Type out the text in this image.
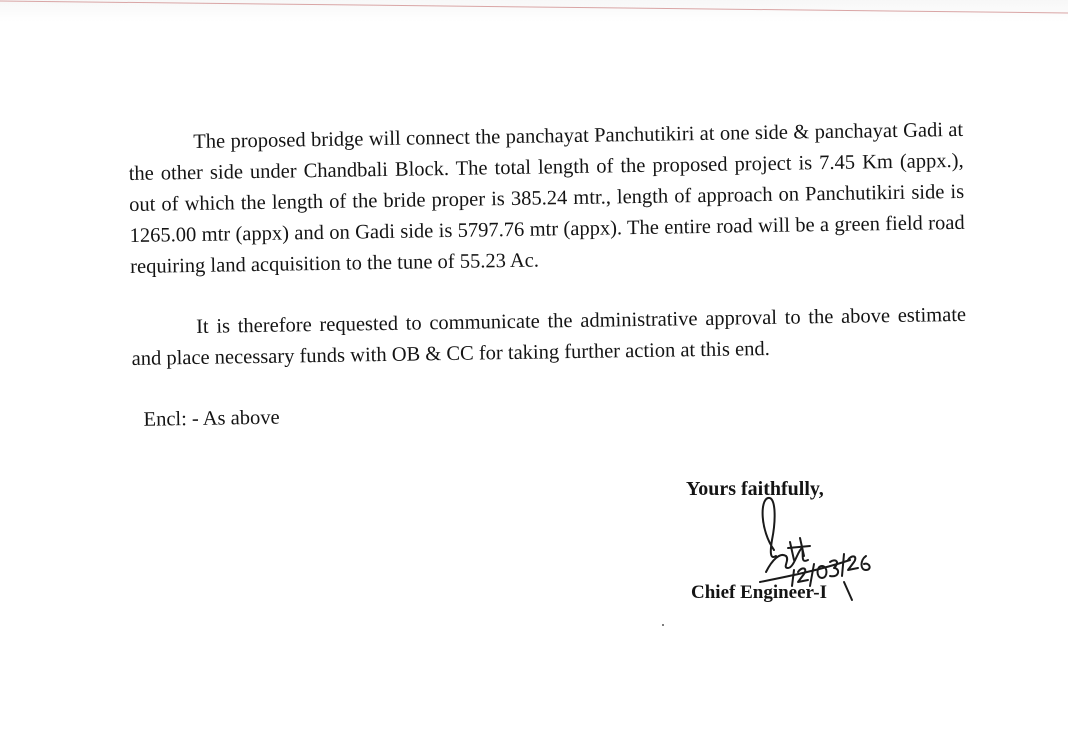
The proposed bridge will connect the panchayat Panchutikiri at one side & panchayat Gadi at the other side under Chandbali Block. The total length of the proposed project is 7.45 Km (appx.), out of which the length of the bride proper is 385.24 mtr., length of approach on Panchutikiri side is 1265.00 mtr (appx) and on Gadi side is 5797.76 mtr (appx). The entire road will be a green field road requiring land acquisition to the tune of 55.23 Ac.

It is therefore requested to communicate the administrative approval to the above estimate and place necessary funds with OB & CC for taking further action at this end.

Encl: - As above
Yours faithfully,
Chief Engineer-I
